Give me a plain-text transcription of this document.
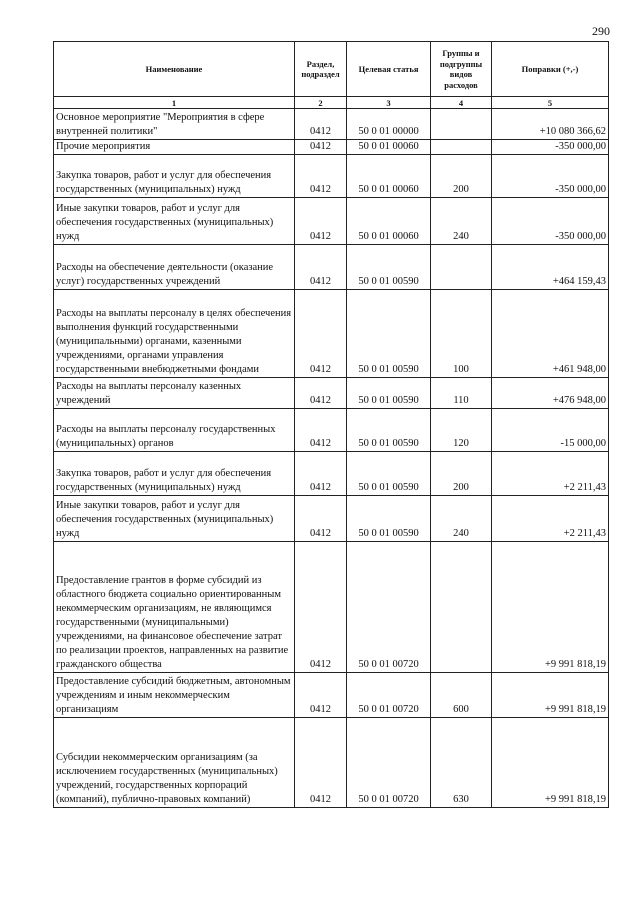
290
Наименование	Раздел, подраздел	Целевая статья	Группы и подгруппы видов расходов	Поправки (+,-)
1	2	3	4	5
Основное мероприятие "Мероприятия в сфере внутренней политики"	0412	50 0 01 00000		+10 080 366,62
Прочие мероприятия	0412	50 0 01 00060		-350 000,00
Закупка товаров, работ и услуг для обеспечения государственных (муниципальных) нужд	0412	50 0 01 00060	200	-350 000,00
Иные закупки товаров, работ и услуг для обеспечения государственных (муниципальных) нужд	0412	50 0 01 00060	240	-350 000,00
Расходы на обеспечение деятельности (оказание услуг) государственных учреждений	0412	50 0 01 00590		+464 159,43
Расходы на выплаты персоналу в целях обеспечения выполнения функций государственными (муниципальными) органами, казенными учреждениями, органами управления государственными внебюджетными фондами	0412	50 0 01 00590	100	+461 948,00
Расходы на выплаты персоналу казенных учреждений	0412	50 0 01 00590	110	+476 948,00
Расходы на выплаты персоналу государственных (муниципальных) органов	0412	50 0 01 00590	120	-15 000,00
Закупка товаров, работ и услуг для обеспечения государственных (муниципальных) нужд	0412	50 0 01 00590	200	+2 211,43
Иные закупки товаров, работ и услуг для обеспечения государственных (муниципальных) нужд	0412	50 0 01 00590	240	+2 211,43
Предоставление грантов в форме субсидий из областного бюджета социально ориентированным некоммерческим организациям, не являющимся государственными (муниципальными) учреждениями, на финансовое обеспечение затрат по реализации проектов, направленных на развитие гражданского общества	0412	50 0 01 00720		+9 991 818,19
Предоставление субсидий бюджетным, автономным учреждениям и иным некоммерческим организациям	0412	50 0 01 00720	600	+9 991 818,19
Субсидии некоммерческим организациям (за исключением государственных (муниципальных) учреждений, государственных корпораций (компаний), публично-правовых компаний)	0412	50 0 01 00720	630	+9 991 818,19
